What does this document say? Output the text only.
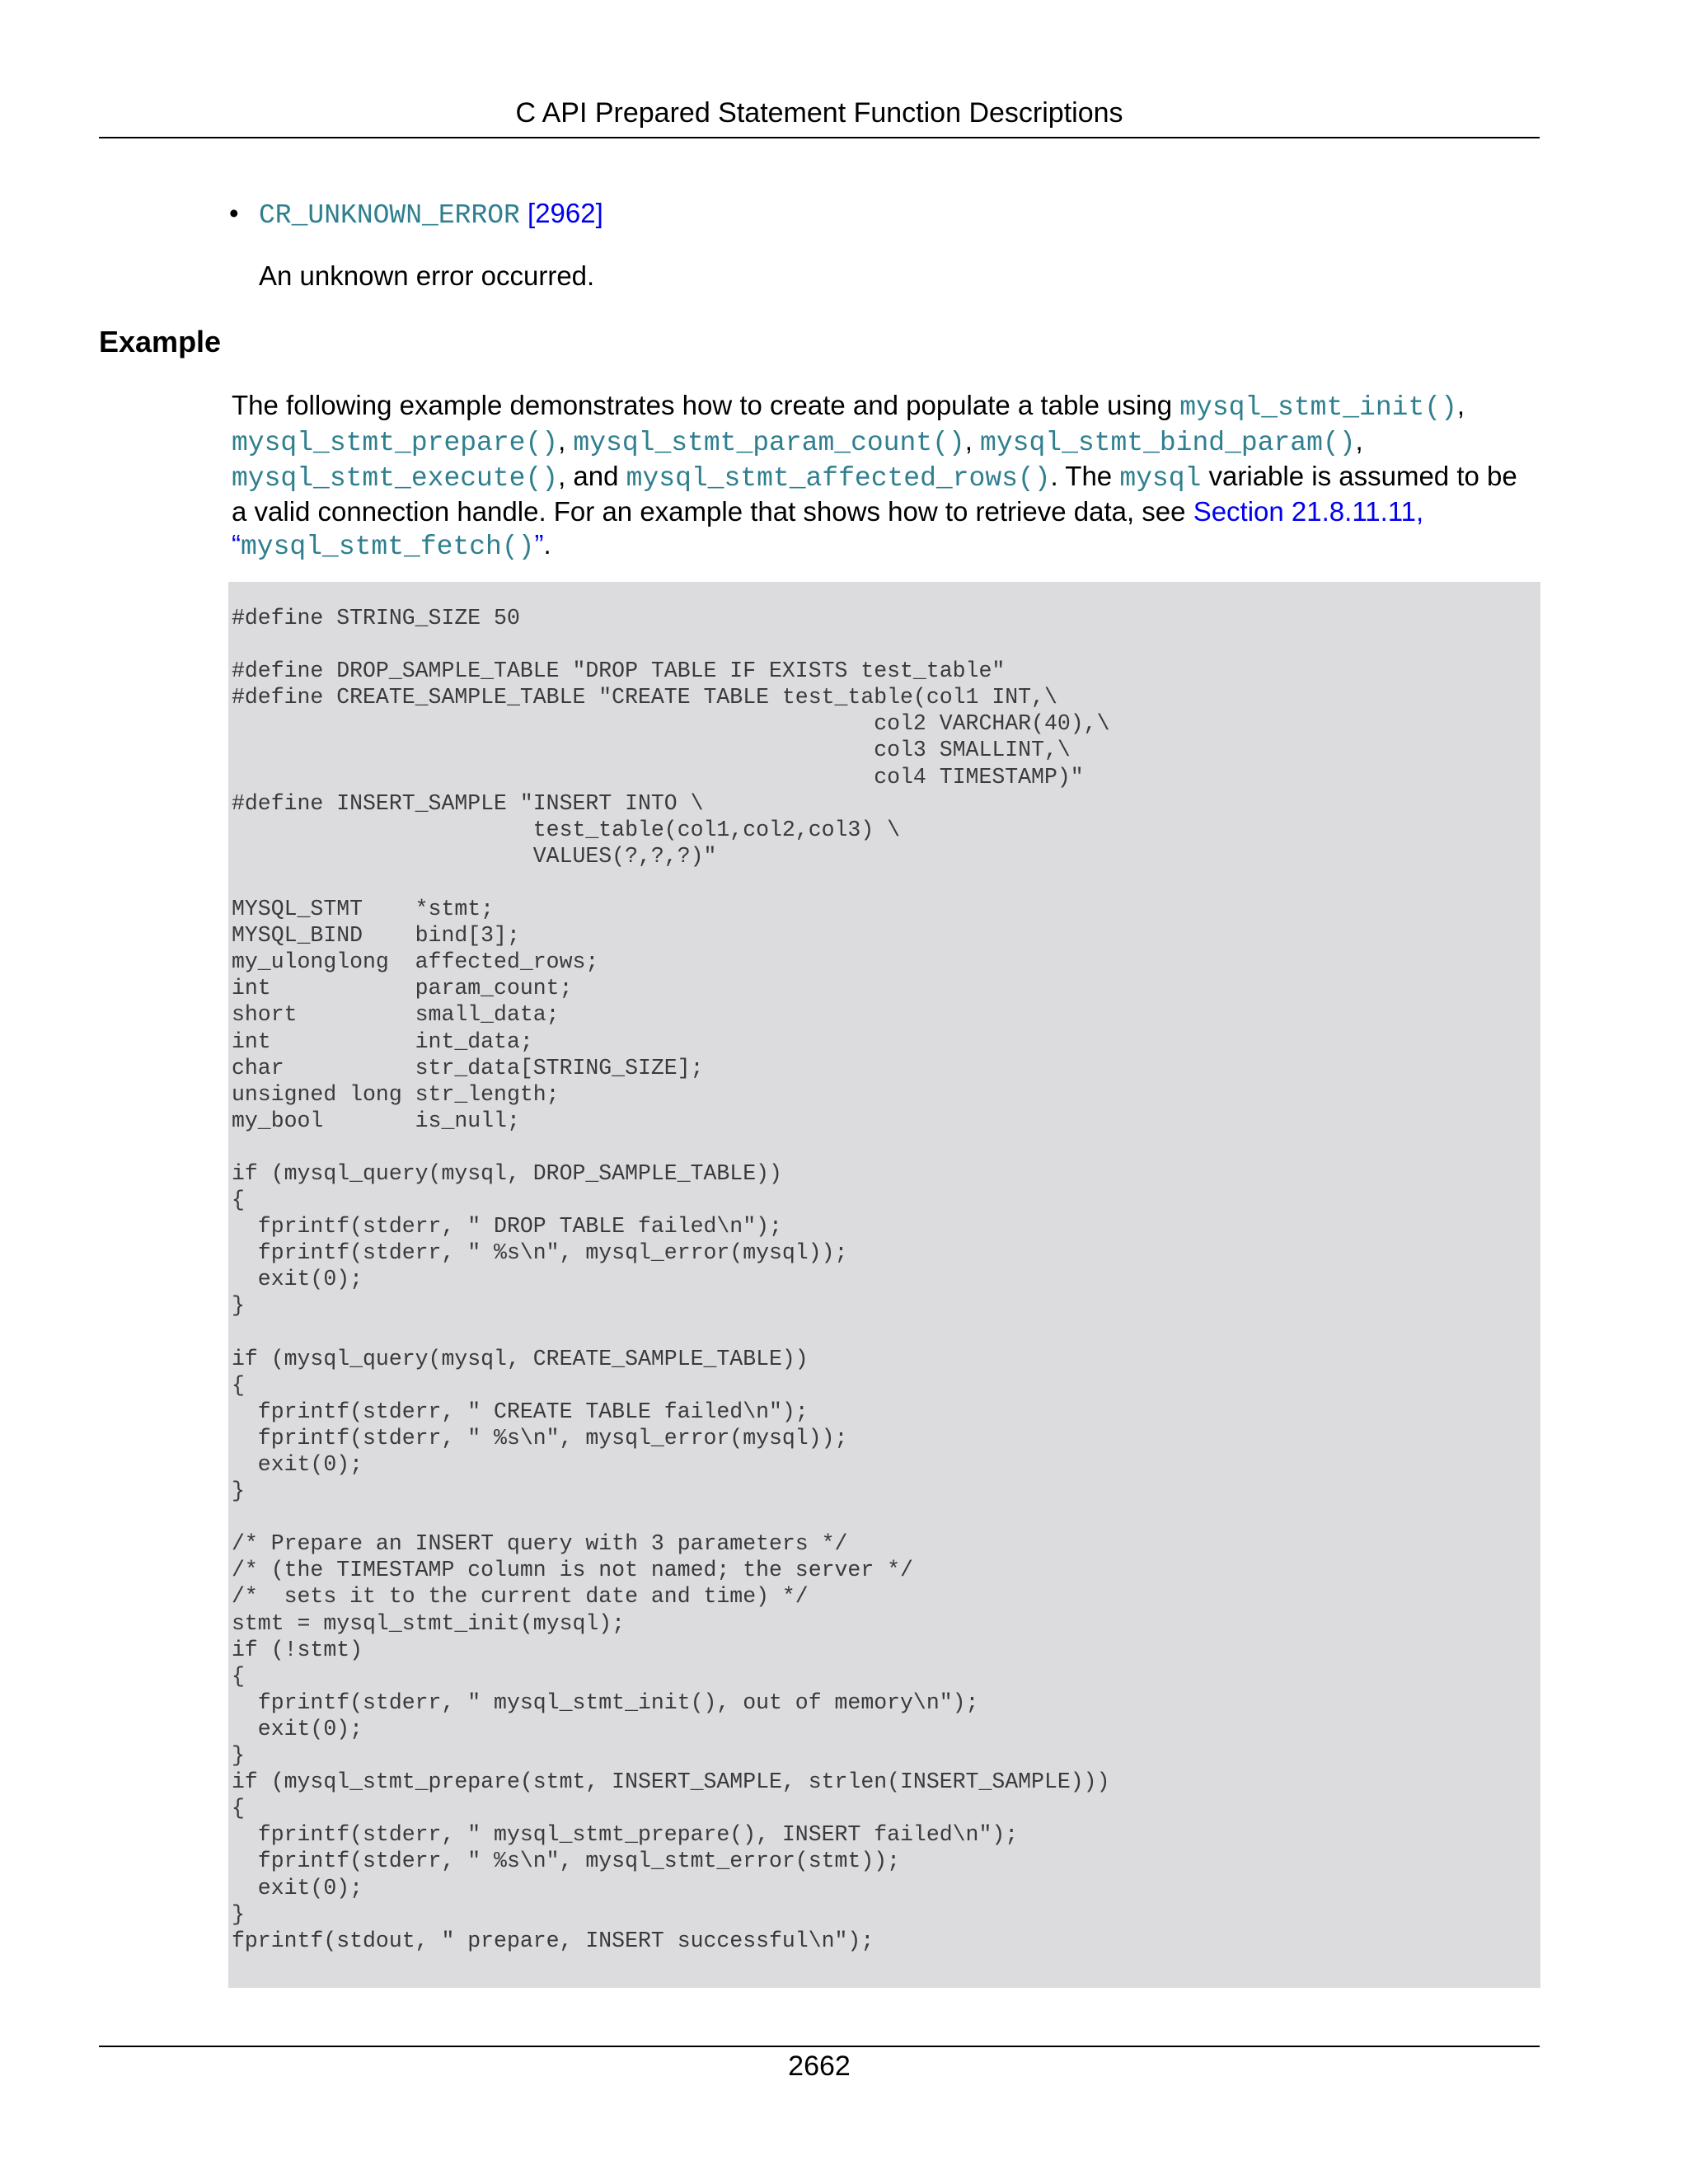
C API Prepared Statement Function Descriptions
• CR_UNKNOWN_ERROR [2962]
An unknown error occurred.
Example

The following example demonstrates how to create and populate a table using mysql_stmt_init(), mysql_stmt_prepare(), mysql_stmt_param_count(), mysql_stmt_bind_param(), mysql_stmt_execute(), and mysql_stmt_affected_rows(). The mysql variable is assumed to be a valid connection handle. For an example that shows how to retrieve data, see Section 21.8.11.11,
“mysql_stmt_fetch()”.

#define STRING_SIZE 50

#define DROP_SAMPLE_TABLE "DROP TABLE IF EXISTS test_table"
#define CREATE_SAMPLE_TABLE "CREATE TABLE test_table(col1 INT,\
col2 VARCHAR(40),\
col3 SMALLINT,\
col4 TIMESTAMP)"
#define INSERT_SAMPLE "INSERT INTO \
test_table(col1,col2,col3) \
VALUES(?,?,?)"

MYSQL_STMT    *stmt;
MYSQL_BIND    bind[3];
my_ulonglong  affected_rows;
int           param_count;
short         small_data;
int           int_data;
char          str_data[STRING_SIZE];
unsigned long str_length;
my_bool       is_null;

if (mysql_query(mysql, DROP_SAMPLE_TABLE))
{
fprintf(stderr, " DROP TABLE failed\n");
fprintf(stderr, " %s\n", mysql_error(mysql));
exit(0);
}

if (mysql_query(mysql, CREATE_SAMPLE_TABLE))
{
fprintf(stderr, " CREATE TABLE failed\n");
fprintf(stderr, " %s\n", mysql_error(mysql));
exit(0);
}

/* Prepare an INSERT query with 3 parameters */
/* (the TIMESTAMP column is not named; the server */
/*  sets it to the current date and time) */
stmt = mysql_stmt_init(mysql);
if (!stmt)
{
fprintf(stderr, " mysql_stmt_init(), out of memory\n");
exit(0);
}
if (mysql_stmt_prepare(stmt, INSERT_SAMPLE, strlen(INSERT_SAMPLE)))
{
fprintf(stderr, " mysql_stmt_prepare(), INSERT failed\n");
fprintf(stderr, " %s\n", mysql_stmt_error(stmt));
exit(0);
}
fprintf(stdout, " prepare, INSERT successful\n");
2662
